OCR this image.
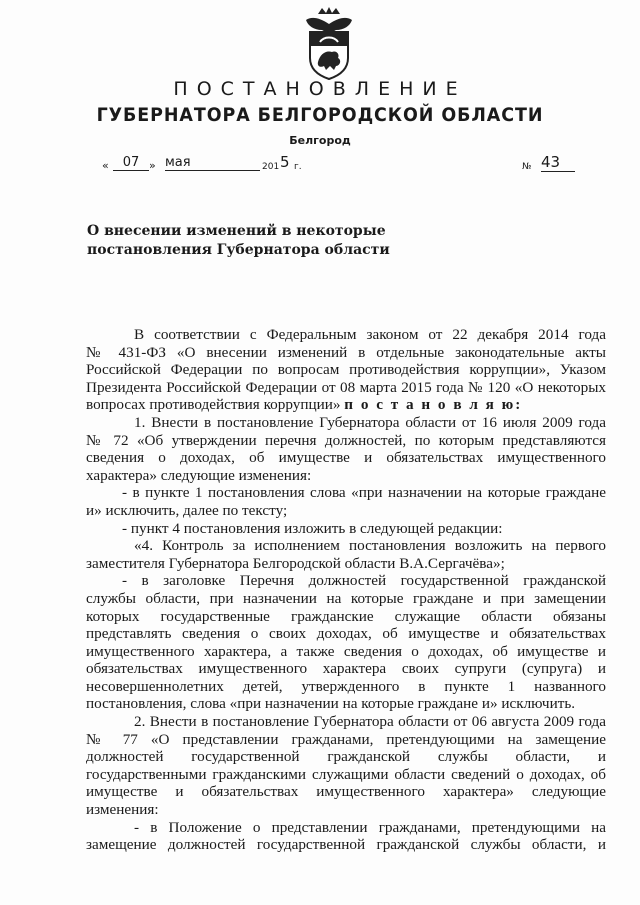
ПОСТАНОВЛЕНИЕ
ГУБЕРНАТОРА БЕЛГОРОДСКОЙ ОБЛАСТИ
Белгород
«	07 » мая	201 5 г.	№ 43
О внесении изменений в некоторые
постановления Губернатора области
В соответствии с Федеральным законом от 22 декабря 2014 года
№ 431-ФЗ «О внесении изменений в отдельные законодательные акты
Российской Федерации по вопросам противодействия коррупции», Указом
Президента Российской Федерации от 08 марта 2015 года № 120 «О некоторых
вопросах противодействия коррупции» п о с т а н о в л я ю:
1. Внести в постановление Губернатора области от 16 июля 2009 года
№ 72 «Об утверждении перечня должностей, по которым представляются
сведения о доходах, об имуществе и обязательствах имущественного
характера» следующие изменения:
- в пункте 1 постановления слова «при назначении на которые граждане
и» исключить, далее по тексту;
- пункт 4 постановления изложить в следующей редакции:
«4. Контроль за исполнением постановления возложить на первого
заместителя Губернатора Белгородской области В.А.Сергачёва»;
- в заголовке Перечня должностей государственной гражданской
службы области, при назначении на которые граждане и при замещении
которых государственные гражданские служащие области обязаны
представлять сведения о своих доходах, об имуществе и обязательствах
имущественного характера, а также сведения о доходах, об имуществе и
обязательствах имущественного характера своих супруги (супруга) и
несовершеннолетних детей, утвержденного в пункте 1 названного
постановления, слова «при назначении на которые граждане и» исключить.
2. Внести в постановление Губернатора области от 06 августа 2009 года
№ 77 «О представлении гражданами, претендующими на замещение
должностей государственной гражданской службы области, и
государственными гражданскими служащими области сведений о доходах, об
имуществе и обязательствах имущественного характера» следующие
изменения:
- в Положение о представлении гражданами, претендующими на
замещение должностей государственной гражданской службы области, и
